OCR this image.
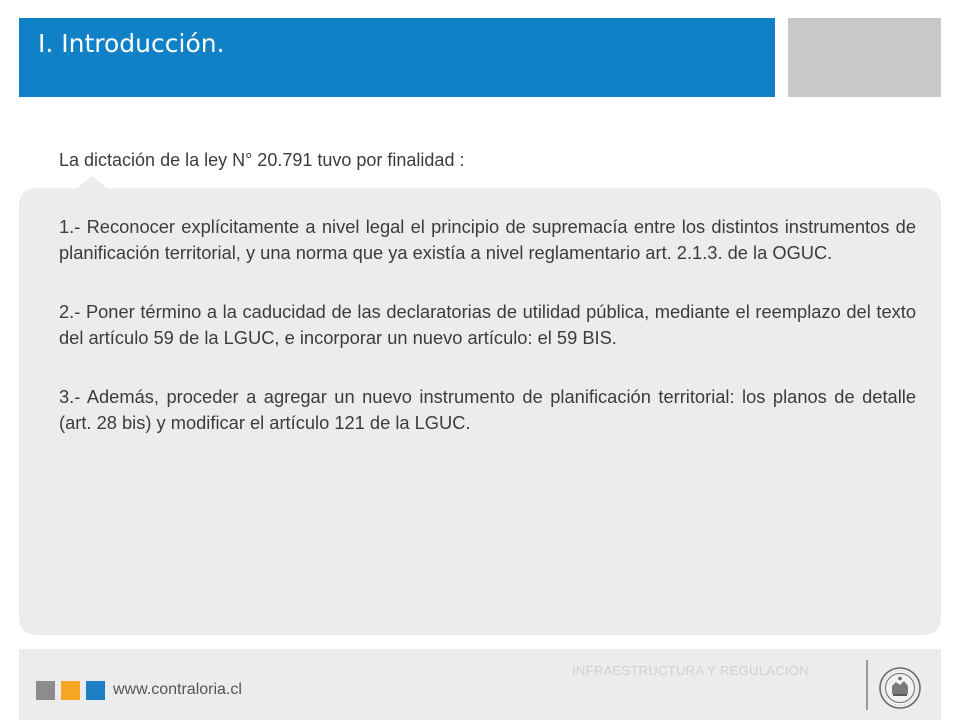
I. Introducción.
La dictación de la ley N° 20.791 tuvo por finalidad :

1.- Reconocer explícitamente a nivel legal el principio de supremacía entre los distintos instrumentos de planificación territorial, y una norma que ya existía a nivel reglamentario art. 2.1.3. de la OGUC.

2.- Poner término a la caducidad de las declaratorias de utilidad pública, mediante el reemplazo del texto del artículo 59 de la LGUC, e incorporar un nuevo artículo: el 59 BIS.

3.- Además, proceder a agregar un nuevo instrumento de planificación territorial: los planos de detalle (art. 28 bis) y modificar el artículo 121 de la LGUC.

www.contraloria.cl
INFRAESTRUCTURA Y REGULACIÓN
